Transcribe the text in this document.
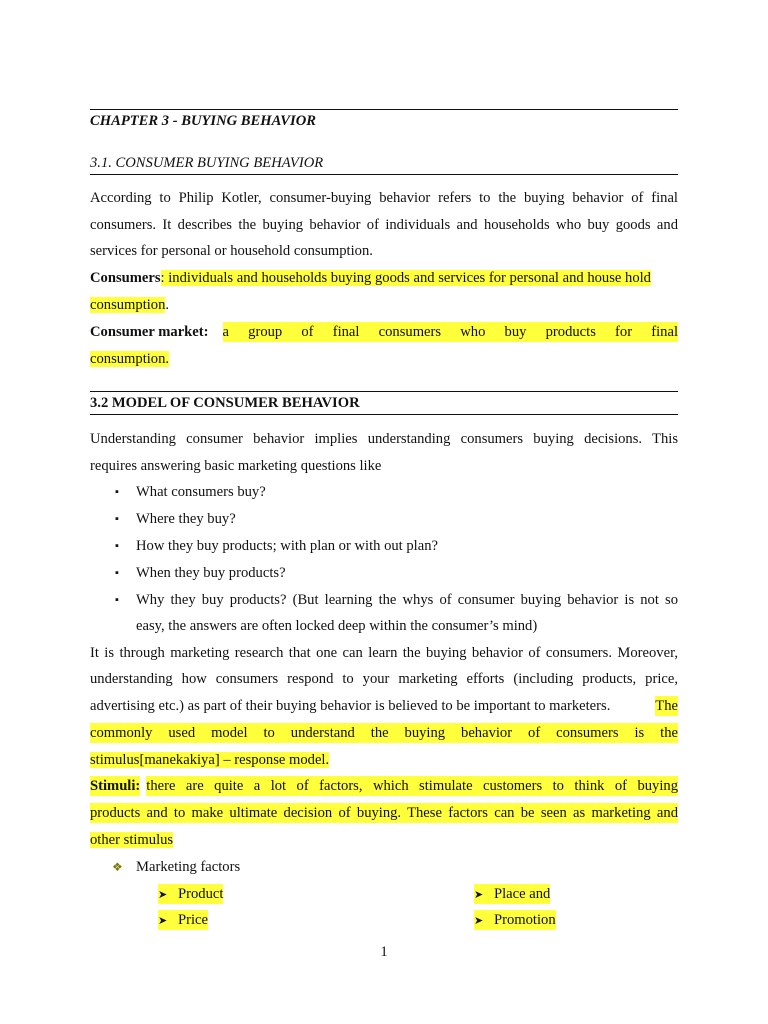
CHAPTER 3 - BUYING BEHAVIOR
3.1. CONSUMER BUYING BEHAVIOR
According to Philip Kotler, consumer-buying behavior refers to the buying behavior of final
consumers. It describes the buying behavior of individuals and households who buy goods and
services for personal or household consumption.
Consumers: individuals and households buying goods and services for personal and house hold
consumption.
Consumer market: a group of final consumers who buy products for final
consumption.
3.2 MODEL OF CONSUMER BEHAVIOR
Understanding consumer behavior implies understanding consumers buying decisions. This
requires answering basic marketing questions like
▪ What consumers buy?
▪ Where they buy?
▪ How they buy products; with plan or with out plan?
▪ When they buy products?
▪ Why they buy products? (But learning the whys of consumer buying behavior is not so
easy, the answers are often locked deep within the consumer’s mind)
It is through marketing research that one can learn the buying behavior of consumers. Moreover,
understanding how consumers respond to your marketing efforts (including products, price,
advertising etc.) as part of their buying behavior is believed to be important to marketers.	The
commonly used model to understand the buying behavior of consumers is the
stimulus[manekakiya] – response model.
Stimuli: there are quite a lot of factors, which stimulate customers to think of buying
products and to make ultimate decision of buying. These factors can be seen as marketing and
other stimulus
❖ Marketing factors
➤ Product
➤ Price
➤ Place and
➤ Promotion
1
